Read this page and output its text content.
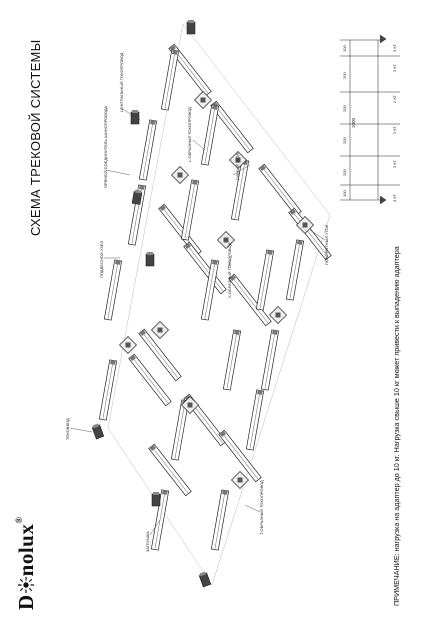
СХЕМА ТРЕКОВОЙ СИСТЕМЫ
Dnolux®	ПРИМЕЧАНИЕ: нагрузка на адаптер до 10 кг. Нагрузка свыше 10 кг может привести к выпадению адаптера
ЦЕНТРАЛЬНЫЙ ТОКОПРОВОД
ПРЯМОЙ СОЕДИНИТЕЛЬ ШИНОПРОВОДА	L-ОБРАЗНЫЙ ТОКОПРОВОД
ГИБКИЙ УГОЛ
X-ОБРАЗНЫЙ ТОКОПРОВОД
ПОДВЕСНОЙ УЗЕЛ	ПОВОРОТНЫЙ УГОЛ
ТОКОВВОД
ЗАГЛУШКА
T-ОБРАЗНЫЙ ТОКОПРОВОД
1000
100
200
200
200
200
100
3 КГ
2 КГ
2 КГ
2 КГ
2 КГ
3 КГ
